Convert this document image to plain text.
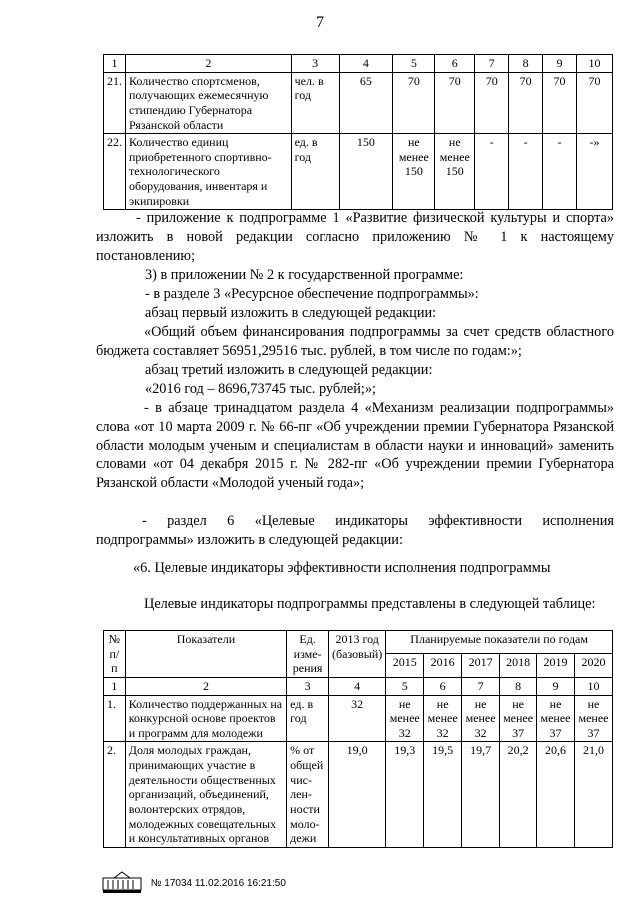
7
1	2	3	4	5	6	7	8	9	10
21.	Количество спортсменов, получающих ежемесячную стипендию Губернатора Рязанской области	чел. в год	65	70	70	70	70	70	70
22.	Количество единиц приобретенного спортивно-технологического оборудования, инвентаря и экипировки	ед. в год	150	не менее 150	не менее 150	-	-	-	-»
- приложение к подпрограмме 1 «Развитие физической культуры и спорта» изложить в новой редакции согласно приложению № 1 к настоящему постановлению;
3) в приложении № 2 к государственной программе:
- в разделе 3 «Ресурсное обеспечение подпрограммы»:
абзац первый изложить в следующей редакции:
«Общий объем финансирования подпрограммы за счет средств областного бюджета составляет 56951,29516 тыс. рублей, в том числе по годам:»;
абзац третий изложить в следующей редакции:
«2016 год – 8696,73745 тыс. рублей;»;
- в абзаце тринадцатом раздела 4 «Механизм реализации подпрограммы» слова «от 10 марта 2009 г. № 66-пг «Об учреждении премии Губернатора Рязанской области молодым ученым и специалистам в области науки и инноваций» заменить словами «от 04 декабря 2015 г. № 282-пг «Об учреждении премии Губернатора Рязанской области «Молодой ученый года»;
- раздел 6 «Целевые индикаторы эффективности исполнения подпрограммы» изложить в следующей редакции:
«6. Целевые индикаторы эффективности исполнения подпрограммы
Целевые индикаторы подпрограммы представлены в следующей таблице:
№ п/п	Показатели	Ед. изме-рения	2013 год (базовый)	Планируемые показатели по годам					
				2015	2016	2017	2018	2019	2020
1	2	3	4	5	6	7	8	9	10
1.	Количество поддержанных на конкурсной основе проектов и программ для молодежи	ед. в год	32	не менее 32	не менее 32	не менее 32	не менее 37	не менее 37	не менее 37
2.	Доля молодых граждан, принимающих участие в деятельности общественных организаций, объединений, волонтерских отрядов, молодежных совещательных и консультативных органов	% от общей чис-лен-ности моло-дежи	19,0	19,3	19,5	19,7	20,2	20,6	21,0
№ 17034 11.02.2016 16:21:50
